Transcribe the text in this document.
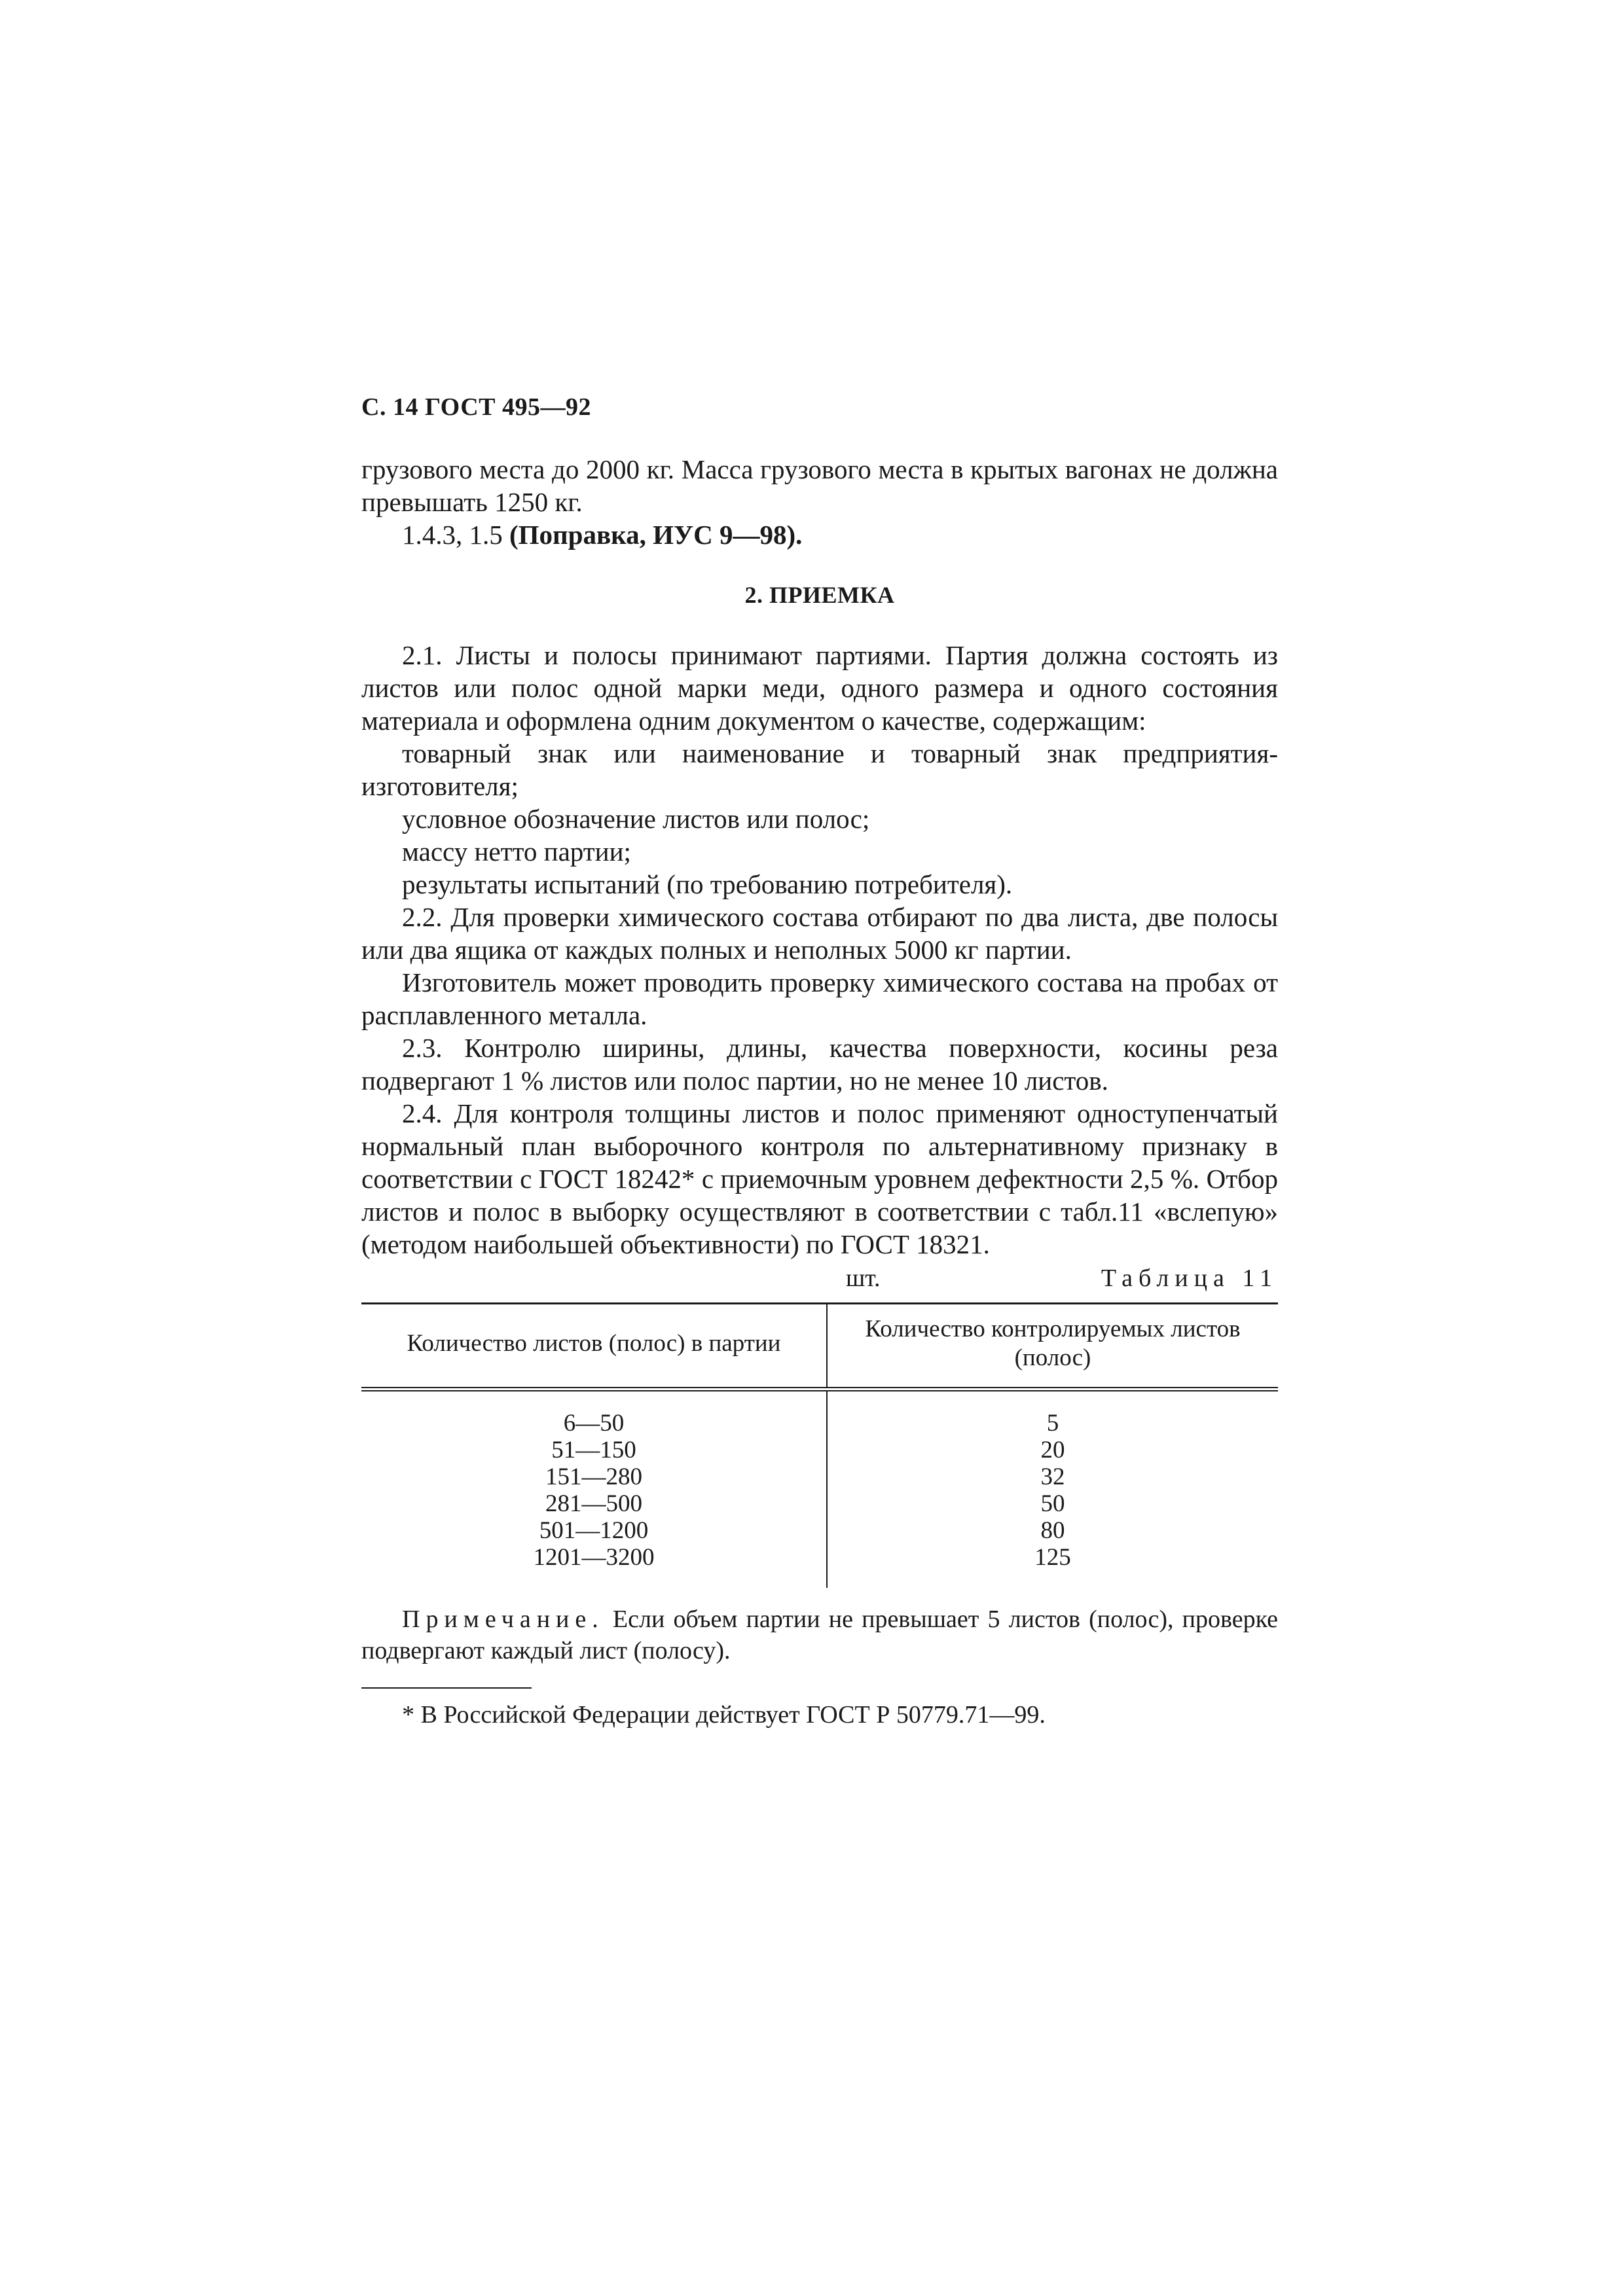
С. 14 ГОСТ 495—92

грузового места до 2000 кг. Масса грузового места в крытых вагонах не должна превышать 1250 кг.

1.4.3, 1.5 (Поправка, ИУС 9—98).

2. ПРИЕМКА

2.1. Листы и полосы принимают партиями. Партия должна состоять из листов или полос одной марки меди, одного размера и одного состояния материала и оформлена одним документом о качестве, содержащим:

товарный знак или наименование и товарный знак предприятия-изготовителя;

условное обозначение листов или полос;

массу нетто партии;

результаты испытаний (по требованию потребителя).

2.2. Для проверки химического состава отбирают по два листа, две полосы или два ящика от каждых полных и неполных 5000 кг партии.

Изготовитель может проводить проверку химического состава на пробах от расплавленного металла.

2.3. Контролю ширины, длины, качества поверхности, косины реза подвергают 1 % листов или полос партии, но не менее 10 листов.

2.4. Для контроля толщины листов и полос применяют одноступенчатый нормальный план выборочного контроля по альтернативному признаку в соответствии с ГОСТ 18242* с приемочным уровнем дефектности 2,5 %. Отбор листов и полос в выборку осуществляют в соответствии с табл.11 «вслепую» (методом наибольшей объективности) по ГОСТ 18321.

шт.	Таблица 11
Количество листов (полос) в партии	Количество контролируемых листов (полос)
6—50	5
51—150	20
151—280	32
281—500	50
501—1200	80
1201—3200	125

Примечание. Если объем партии не превышает 5 листов (полос), проверке подвергают каждый лист (полосу).

* В Российской Федерации действует ГОСТ Р 50779.71—99.
